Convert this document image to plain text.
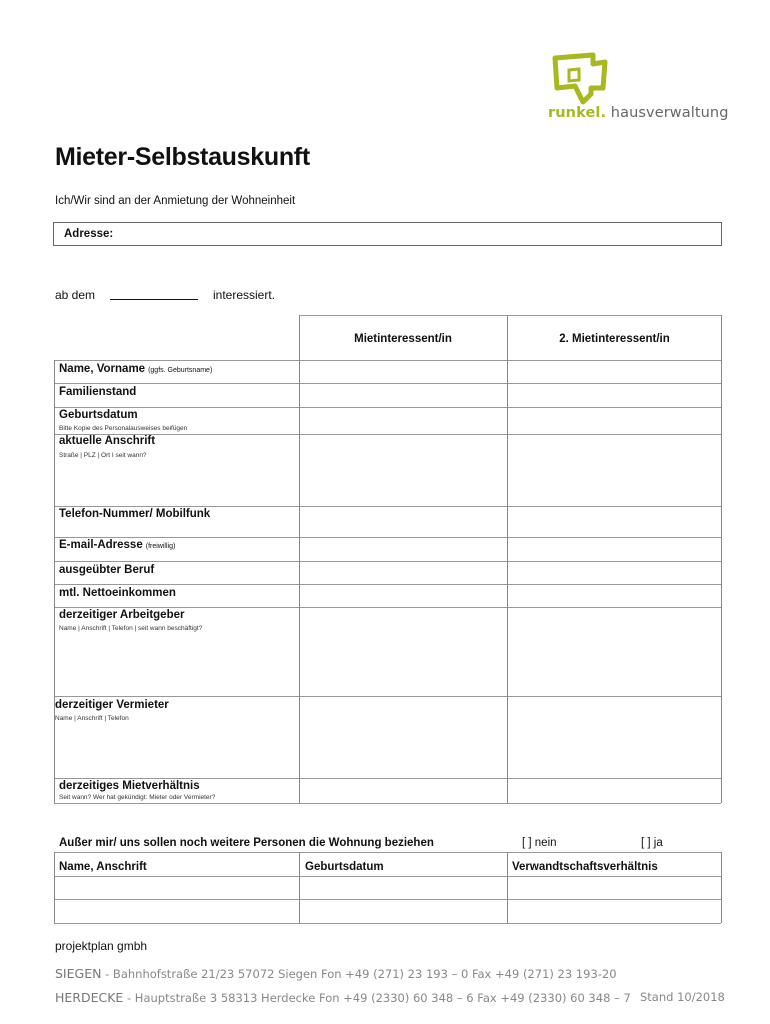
runkel. hausverwaltung
Mieter-Selbstauskunft
Ich/Wir sind an der Anmietung der Wohneinheit
Adresse:
ab dem	interessiert.
Mietinteressent/in	2. Mietinteressent/in
Name, Vorname (ggfs. Geburtsname)
Familienstand
Geburtsdatum
Bitte Kopie des Personalausweises beifügen
aktuelle Anschrift
Straße | PLZ | Ort I seit wann?
Telefon-Nummer/ Mobilfunk
E-mail-Adresse (freiwillig)
ausgeübter Beruf
mtl. Nettoeinkommen
derzeitiger Arbeitgeber
Name | Anschrift | Telefon | seit wann beschäftigt?
derzeitiger Vermieter
Name | Anschrift | Telefon
derzeitiges Mietverhältnis
Seit wann? Wer hat gekündigt: Mieter oder Vermieter?
Außer mir/ uns sollen noch weitere Personen die Wohnung beziehen	[ ] nein	[ ] ja
Name, Anschrift	Geburtsdatum	Verwandtschaftsverhältnis
projektplan gmbh
SIEGEN - Bahnhofstraße 21/23 57072 Siegen Fon +49 (271) 23 193 – 0 Fax +49 (271) 23 193-20
HERDECKE - Hauptstraße 3 58313 Herdecke Fon +49 (2330) 60 348 – 6 Fax +49 (2330) 60 348 – 7 Stand 10/2018
